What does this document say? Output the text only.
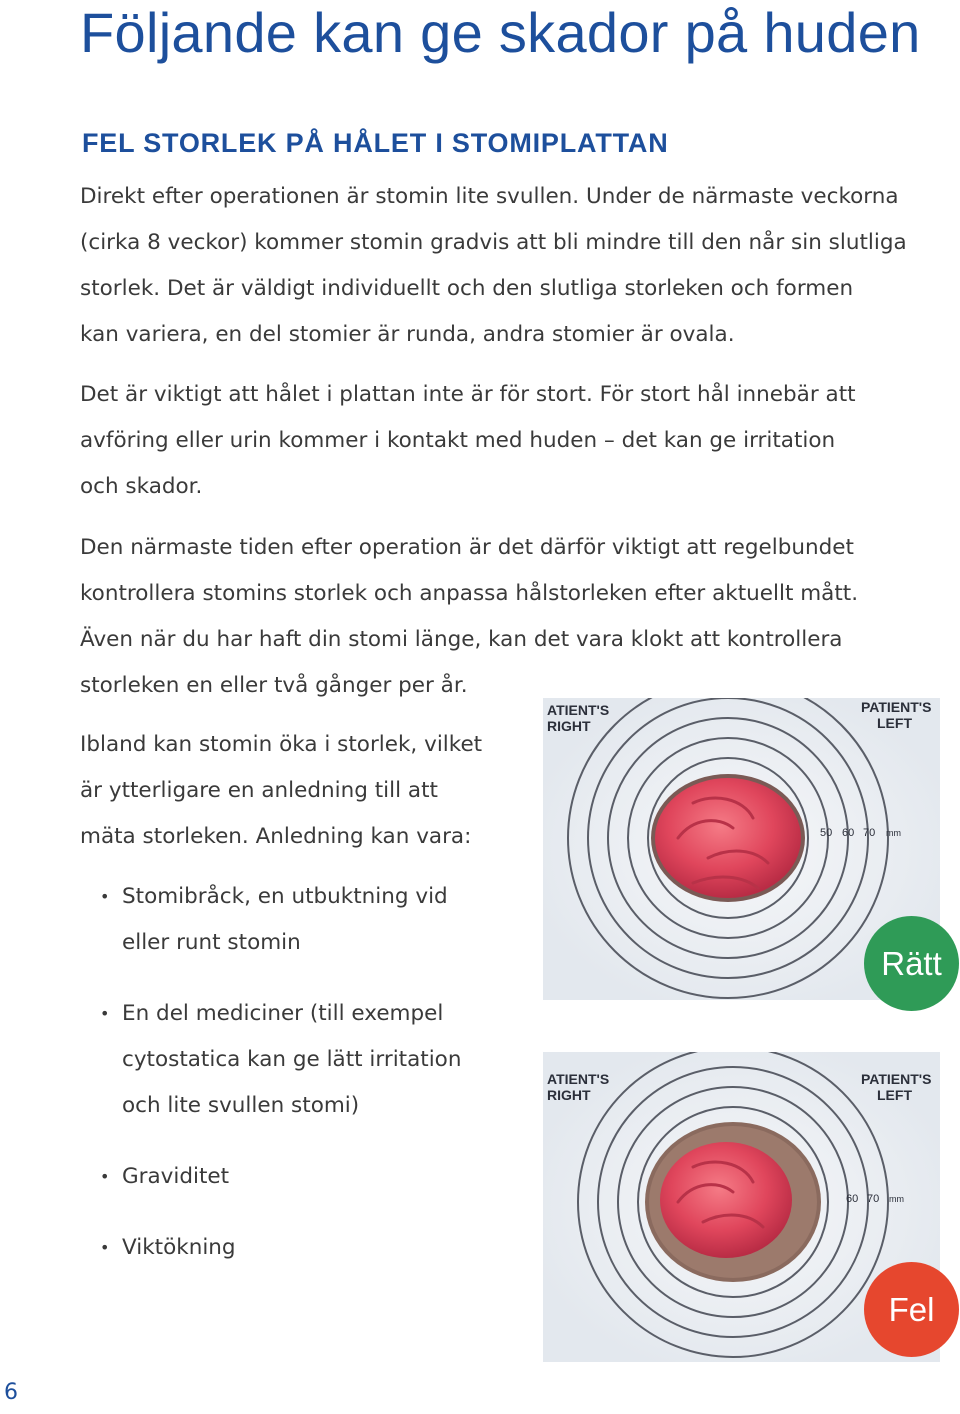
Följande kan ge skador på huden
FEL STORLEK PÅ HÅLET I STOMIPLATTAN
Direkt efter operationen är stomin lite svullen. Under de närmaste veckorna
(cirka 8 veckor) kommer stomin gradvis att bli mindre till den når sin slutliga
storlek. Det är väldigt individuellt och den slutliga storleken och formen
kan variera, en del stomier är runda, andra stomier är ovala.
Det är viktigt att hålet i plattan inte är för stort. För stort hål innebär att
avföring eller urin kommer i kontakt med huden – det kan ge irritation
och skador.
Den närmaste tiden efter operation är det därför viktigt att regelbundet
kontrollera stomins storlek och anpassa hålstorleken efter aktuellt mått.
Även när du har haft din stomi länge, kan det vara klokt att kontrollera
storleken en eller två gånger per år.
Ibland kan stomin öka i storlek, vilket
är ytterligare en anledning till att
mäta storleken. Anledning kan vara:
• Stomibråck, en utbuktning vid
eller runt stomin
• En del mediciner (till exempel
cytostatica kan ge lätt irritation
och lite svullen stomi)
• Graviditet
• Viktökning
ATIENT'S
RIGHT
PATIENT'S
LEFT
50 60 70 mm
Rätt
ATIENT'S
RIGHT
PATIENT'S
LEFT
60 70 mm
Fel
6
